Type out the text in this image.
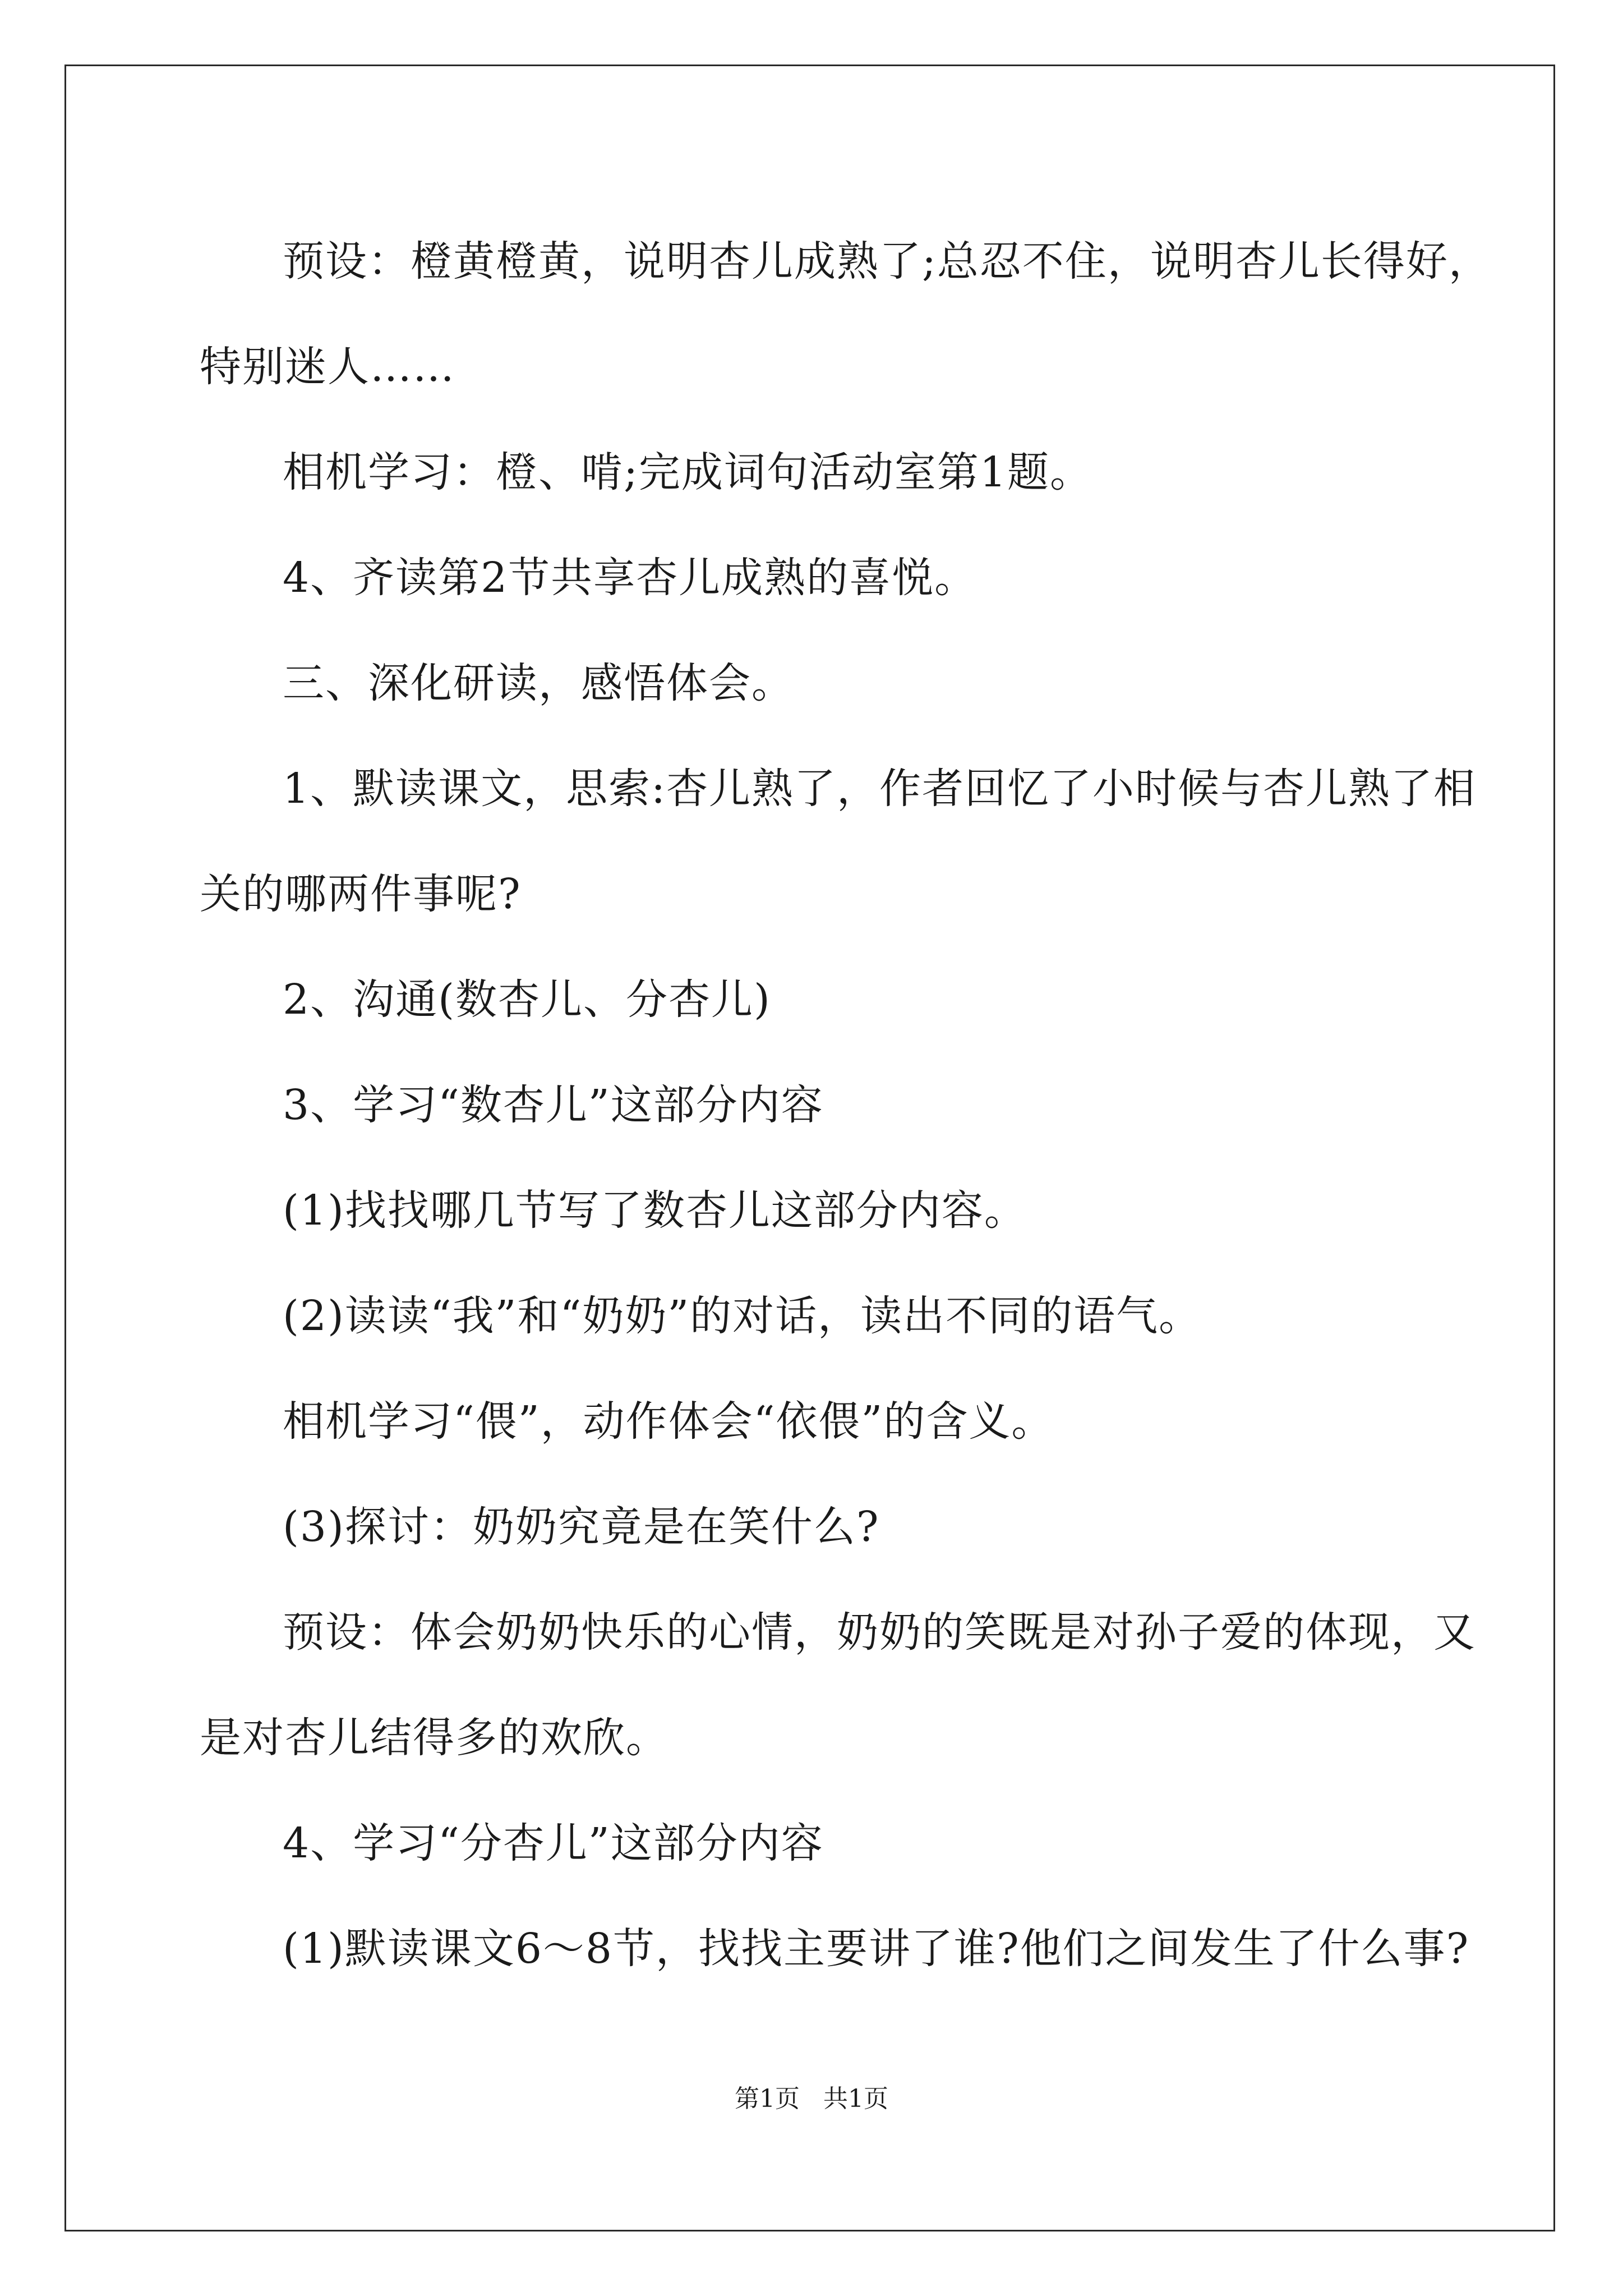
预设：橙黄橙黄，说明杏儿成熟了;总忍不住，说明杏儿长得好，
特别迷人……

相机学习：橙、啃;完成词句活动室第1题。

4、齐读第2节共享杏儿成熟的喜悦。

三、深化研读，感悟体会。

1、默读课文，思索:杏儿熟了，作者回忆了小时候与杏儿熟了相
关的哪两件事呢?

2、沟通(数杏儿、分杏儿)

3、学习“数杏儿”这部分内容

(1)找找哪几节写了数杏儿这部分内容。

(2)读读“我”和“奶奶”的对话，读出不同的语气。

相机学习“偎”，动作体会“依偎”的含义。

(3)探讨：奶奶究竟是在笑什么?

预设：体会奶奶快乐的心情，奶奶的笑既是对孙子爱的体现，又
是对杏儿结得多的欢欣。

4、学习“分杏儿”这部分内容

(1)默读课文6～8节，找找主要讲了谁?他们之间发生了什么事?

第1页   共1页
